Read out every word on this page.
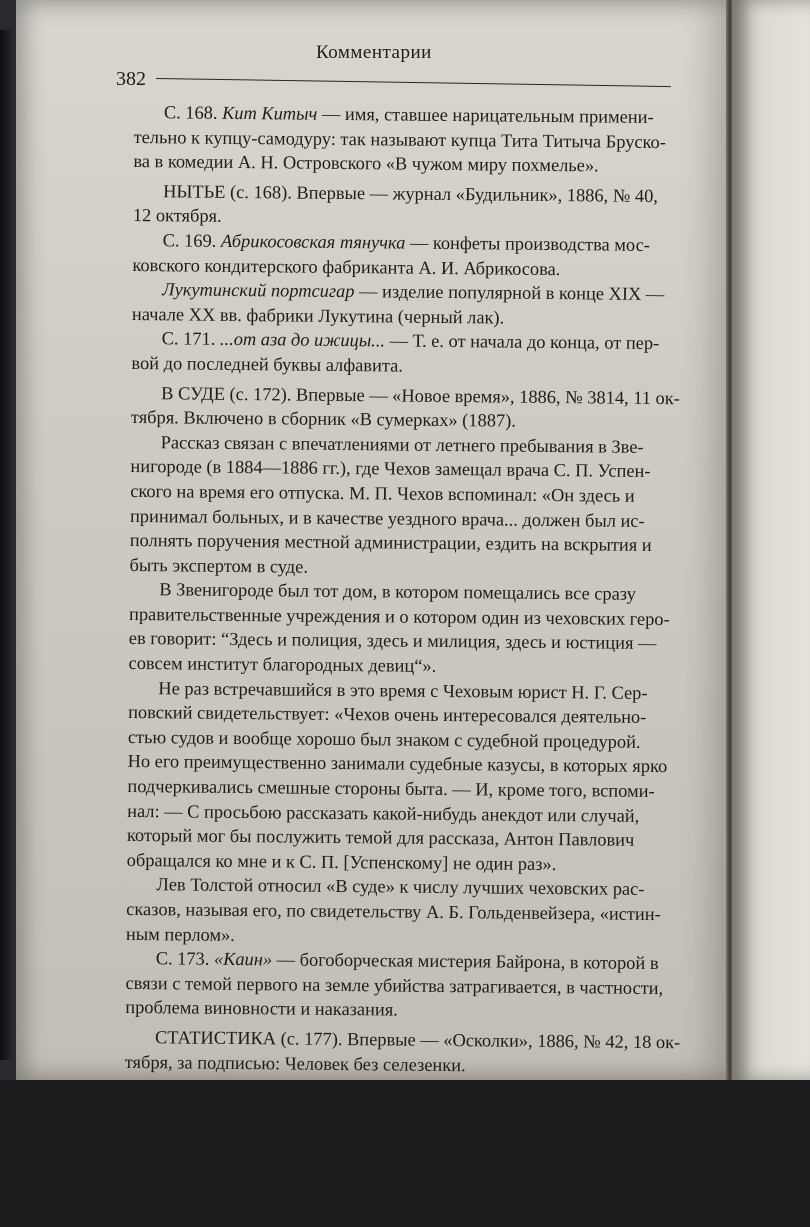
Комментарии
382
С. 168. Кит Китыч — имя, ставшее нарицательным примени-
тельно к купцу-самодуру: так называют купца Тита Титыча Бруско-
ва в комедии А. Н. Островского «В чужом миру похмелье».
НЫТЬЕ (с. 168). Впервые — журнал «Будильник», 1886, № 40,
12 октября.
С. 169. Абрикосовская тянучка — конфеты производства мос-
ковского кондитерского фабриканта А. И. Абрикосова.
Лукутинский портсигар — изделие популярной в конце XIX —
начале XX вв. фабрики Лукутина (черный лак).
С. 171. ...от аза до ижицы... — Т. е. от начала до конца, от пер-
вой до последней буквы алфавита.
В СУДЕ (с. 172). Впервые — «Новое время», 1886, № 3814, 11 ок-
тября. Включено в сборник «В сумерках» (1887).
Рассказ связан с впечатлениями от летнего пребывания в Зве-
нигороде (в 1884—1886 гг.), где Чехов замещал врача С. П. Успен-
ского на время его отпуска. М. П. Чехов вспоминал: «Он здесь и
принимал больных, и в качестве уездного врача... должен был ис-
полнять поручения местной администрации, ездить на вскрытия и
быть экспертом в суде.
В Звенигороде был тот дом, в котором помещались все сразу
правительственные учреждения и о котором один из чеховских геро-
ев говорит: “Здесь и полиция, здесь и милиция, здесь и юстиция —
совсем институт благородных девиц“».
Не раз встречавшийся в это время с Чеховым юрист Н. Г. Сер-
повский свидетельствует: «Чехов очень интересовался деятельно-
стью судов и вообще хорошо был знаком с судебной процедурой.
Но его преимущественно занимали судебные казусы, в которых ярко
подчеркивались смешные стороны быта. — И, кроме того, вспоми-
нал: — С просьбою рассказать какой-нибудь анекдот или случай,
который мог бы послужить темой для рассказа, Антон Павлович
обращался ко мне и к С. П. [Успенскому] не один раз».
Лев Толстой относил «В суде» к числу лучших чеховских рас-
сказов, называя его, по свидетельству А. Б. Гольденвейзера, «истин-
ным перлом».
С. 173. «Каин» — богоборческая мистерия Байрона, в которой в
связи с темой первого на земле убийства затрагивается, в частности,
проблема виновности и наказания.
СТАТИСТИКА (с. 177). Впервые — «Осколки», 1886, № 42, 18 ок-
тября, за подписью: Человек без селезенки.
С. 178. Кант Иммануил (1724—1804) — родоначальник немец-
кой классической философии.
Спиноза Бенедикт (Барух) (1632—1677) — нидерландский фи-
лософ-материалист.
Шпекин — персонаж комедии Н. В. Гоголя «Ревизор», почтмей-
стер, любивший вскрывать чужие письма.
